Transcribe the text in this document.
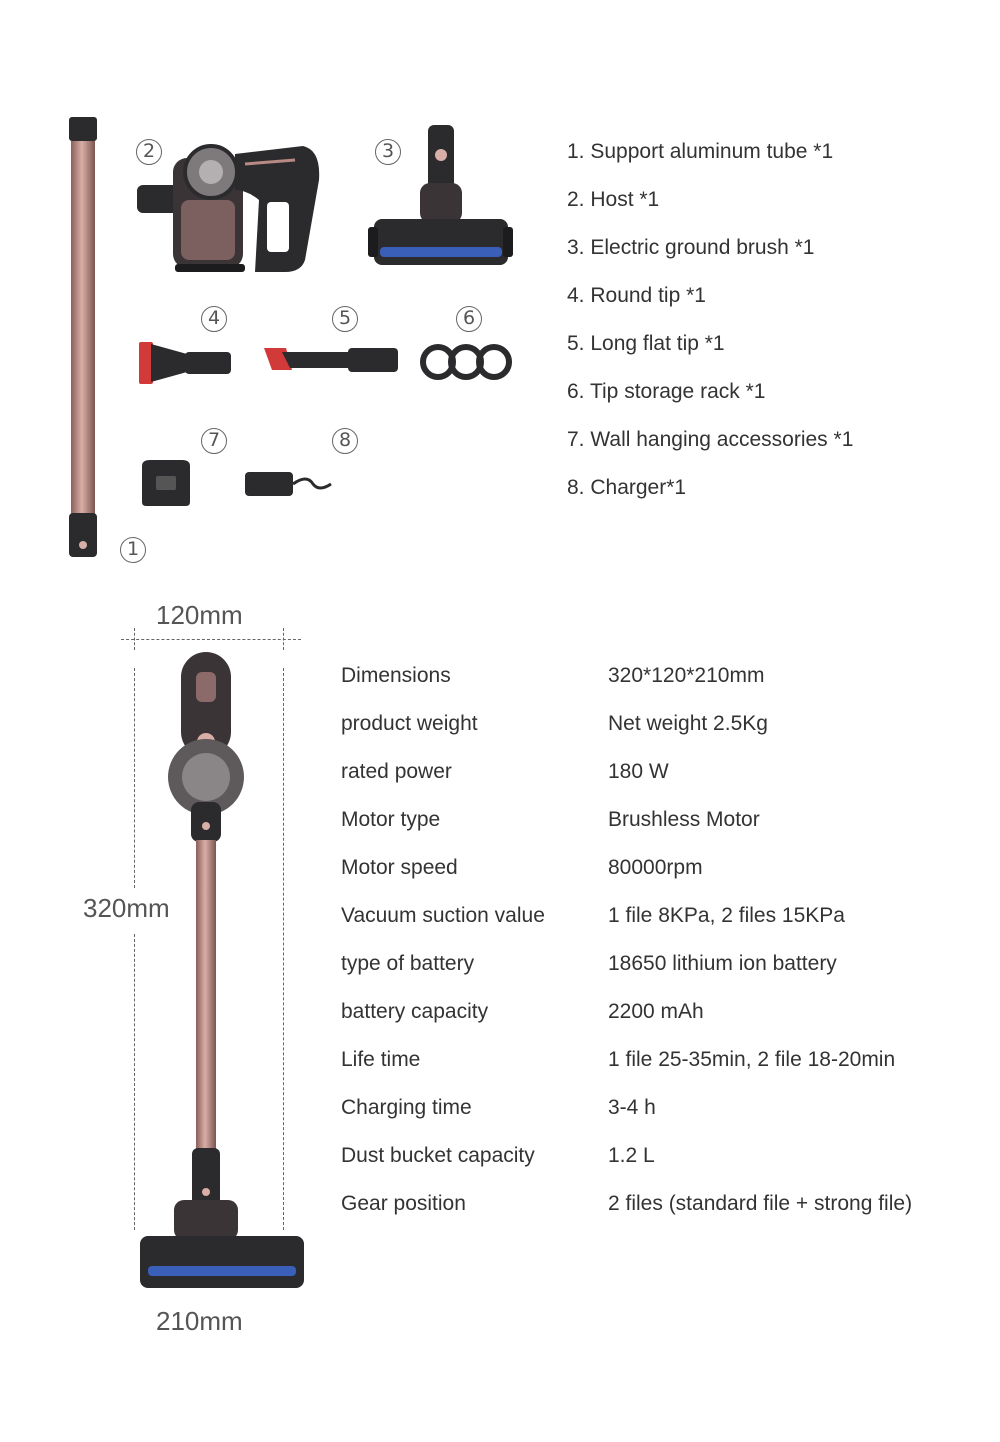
1
2	3
4	5	6
7	8
1. Support aluminum tube *1
2. Host *1
3. Electric ground brush *1
4. Round tip *1
5. Long flat tip *1
6. Tip storage rack *1
7. Wall hanging accessories *1
8. Charger*1
120mm
320mm
210mm
Dimensions	320*120*210mm
product weight	Net weight 2.5Kg
rated power	180 W
Motor type	Brushless Motor
Motor speed	80000rpm
Vacuum suction value	1 file 8KPa, 2 files 15KPa
type of battery	18650 lithium ion battery
battery capacity	2200 mAh
Life time	1 file 25-35min, 2 file 18-20min
Charging time	3-4 h
Dust bucket capacity	1.2 L
Gear position	2 files (standard file + strong file)
